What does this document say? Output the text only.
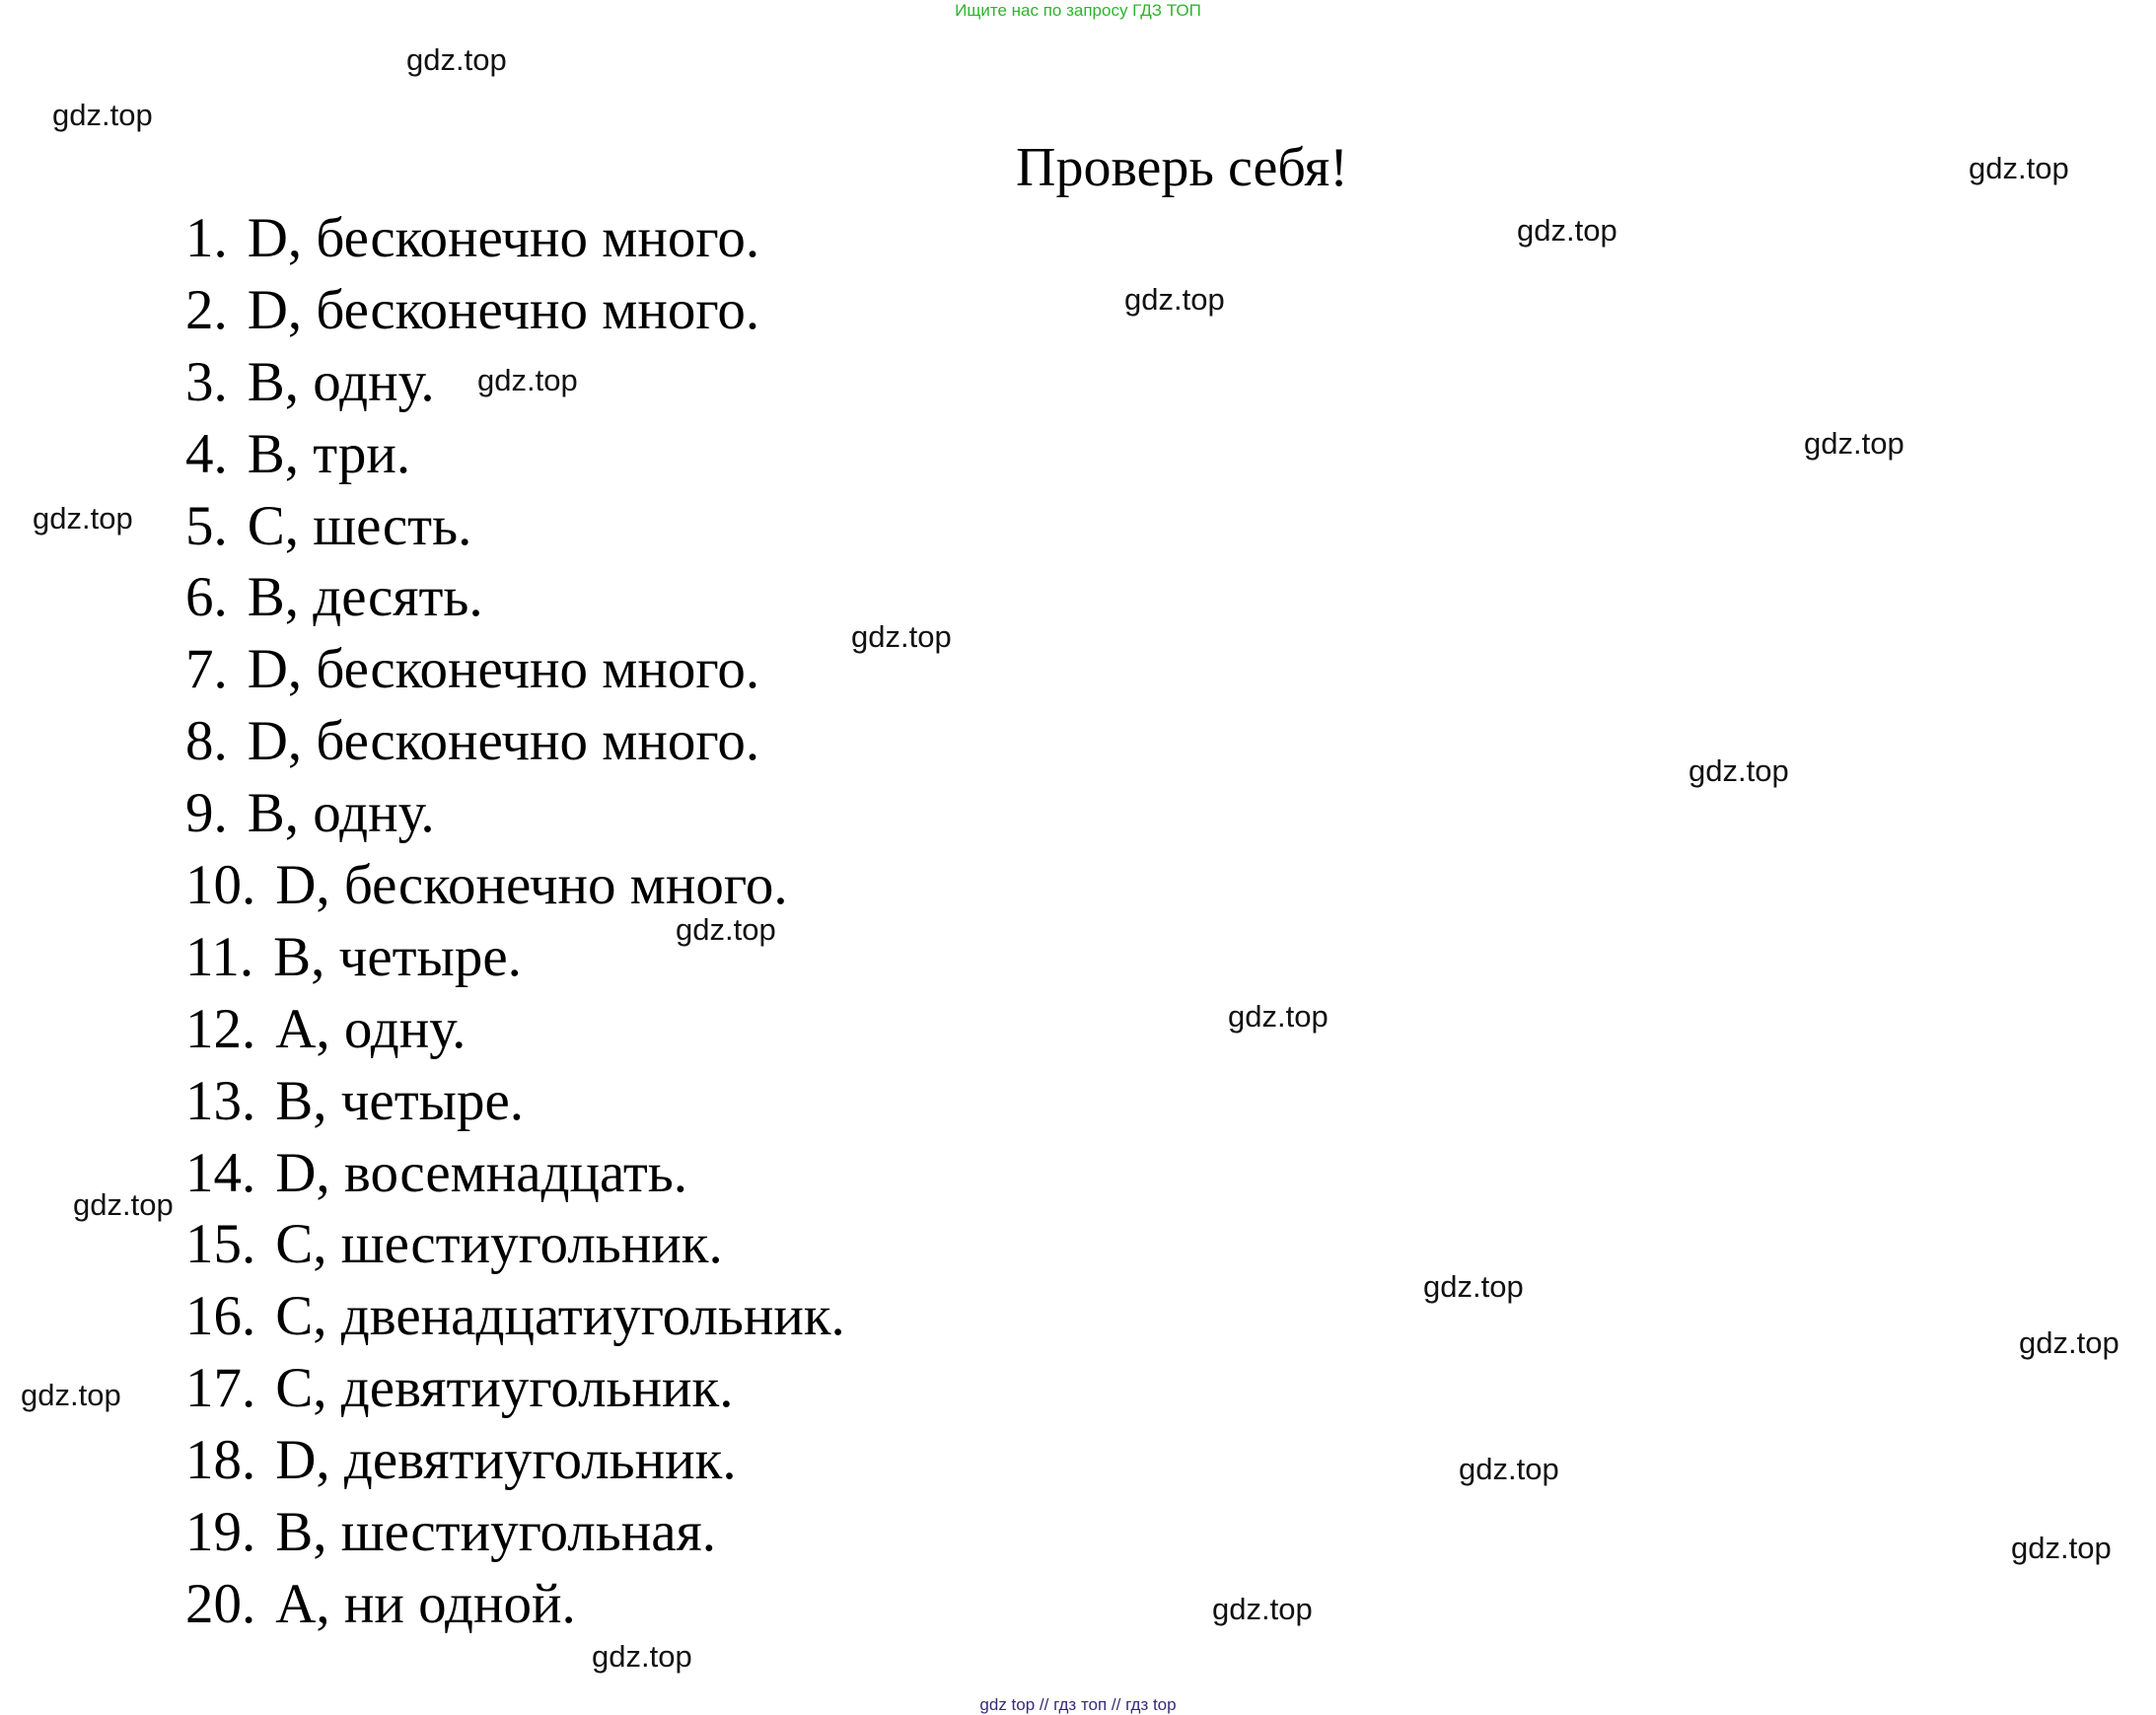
Ищите нас по запросу ГДЗ ТОП
Проверь себя!
1. D, бесконечно много.
2. D, бесконечно много.
3. B, одну.
4. B, три.
5. C, шесть.
6. B, десять.
7. D, бесконечно много.
8. D, бесконечно много.
9. B, одну.
10. D, бесконечно много.
11. B, четыре.
12. A, одну.
13. B, четыре.
14. D, восемнадцать.
15. C, шестиугольник.
16. C, двенадцатиугольник.
17. C, девятиугольник.
18. D, девятиугольник.
19. B, шестиугольная.
20. A, ни одной.
gdz.top
gdz.top
gdz.top
gdz.top
gdz.top
gdz.top
gdz.top
gdz.top
gdz.top
gdz.top
gdz.top
gdz.top
gdz.top
gdz.top
gdz.top
gdz.top
gdz.top
gdz.top
gdz.top
gdz.top
gdz top // гдз топ // гдз top
